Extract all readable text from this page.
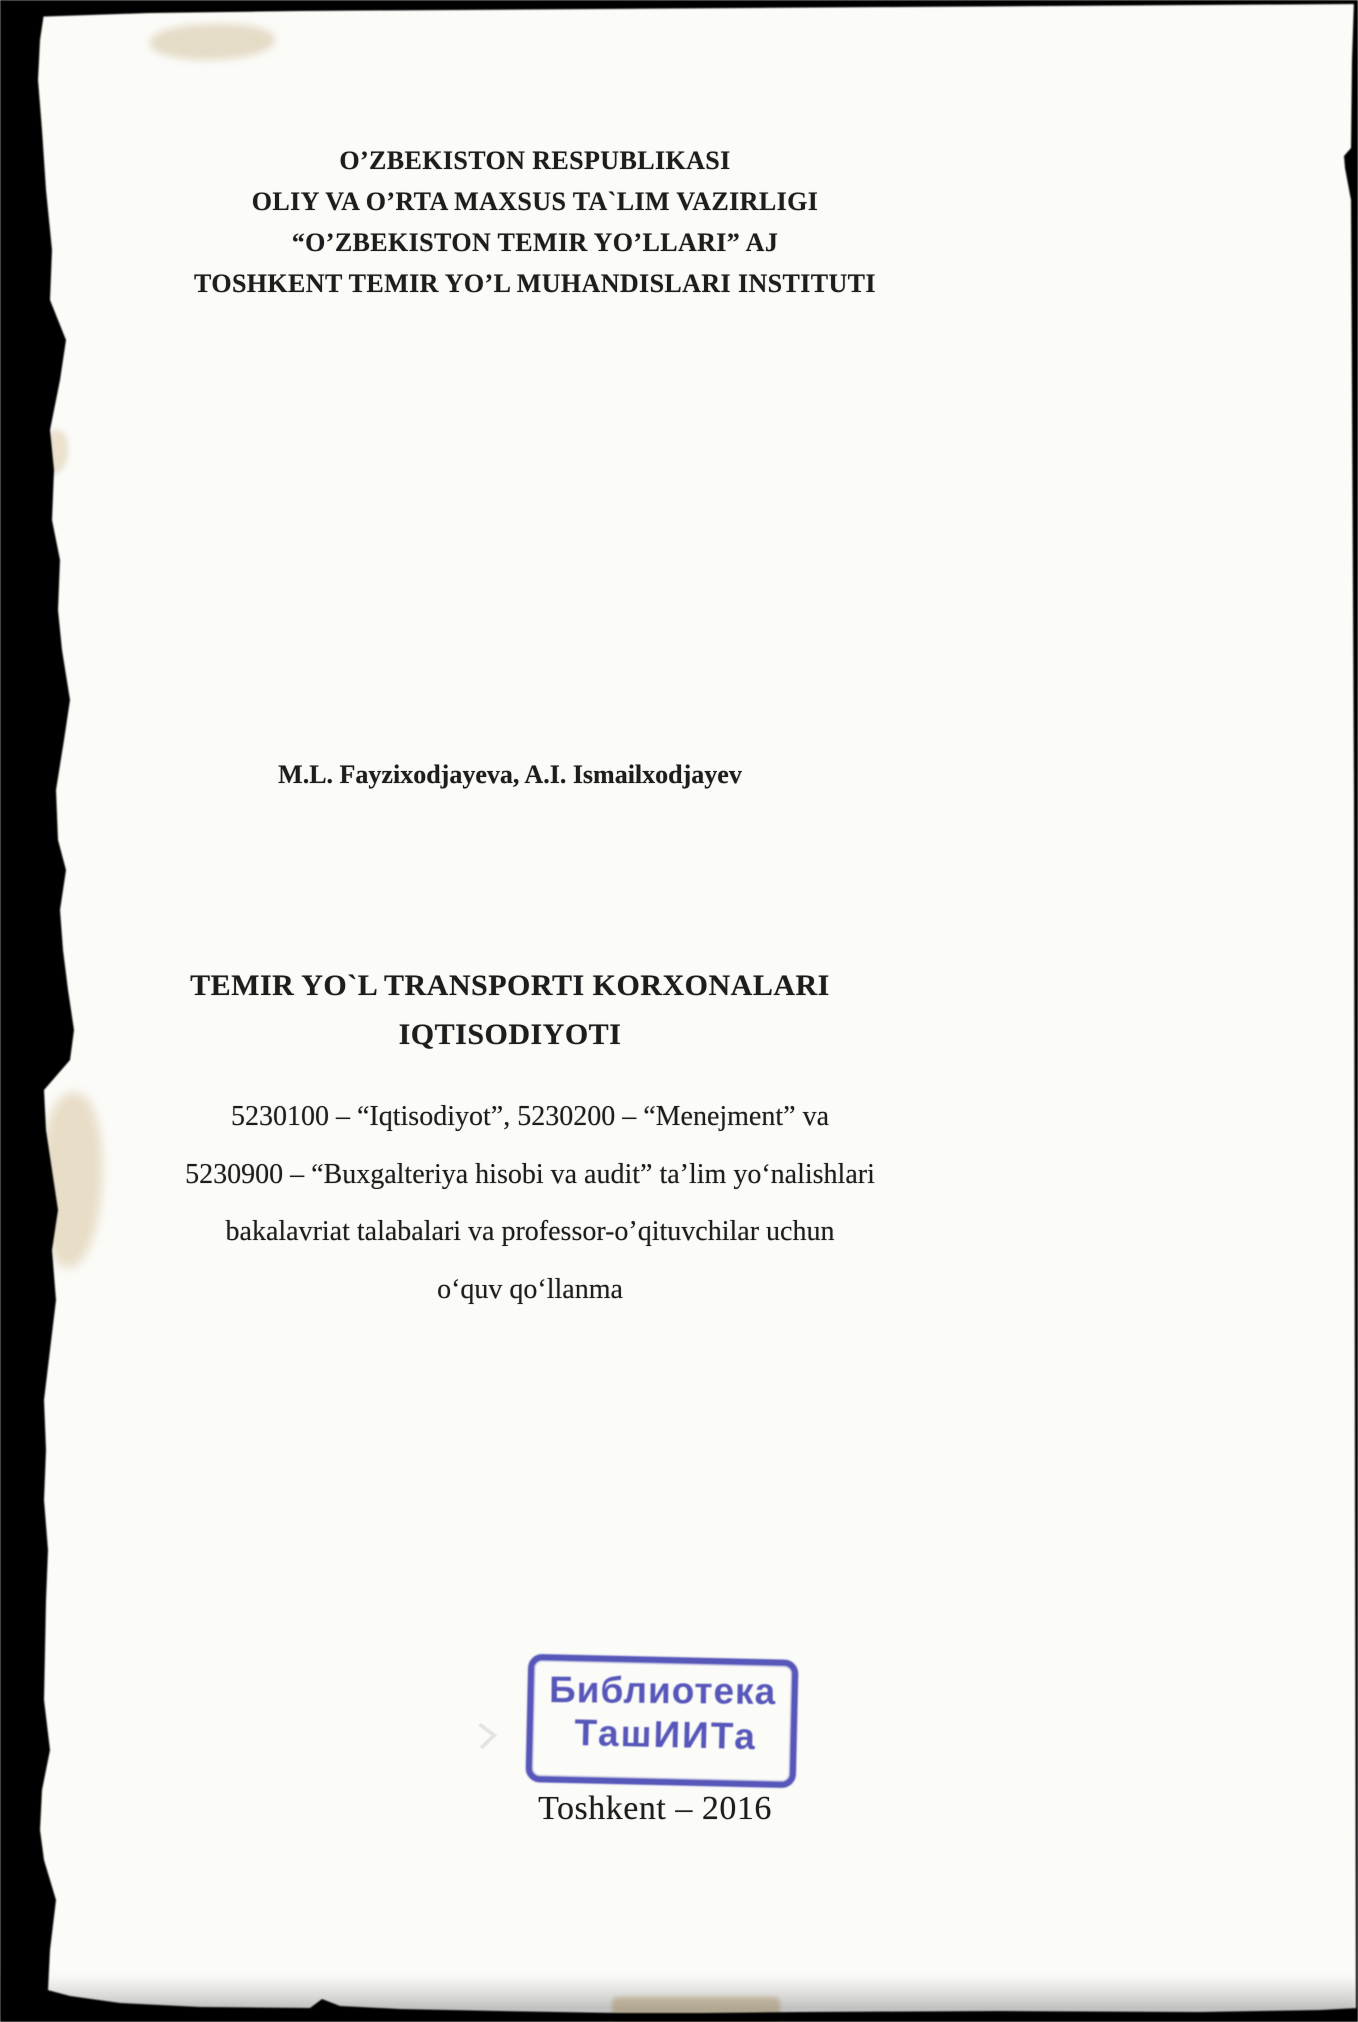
O’ZBEKISTON RESPUBLIKASI
OLIY VA O’RTA MAXSUS TA`LIM VAZIRLIGI
“O’ZBEKISTON TEMIR YO’LLARI” AJ
TOSHKENT TEMIR YO’L MUHANDISLARI INSTITUTI
M.L. Fayzixodjayeva, A.I. Ismailxodjayev
TEMIR YO`L TRANSPORTI KORXONALARI
IQTISODIYOTI
5230100 – “Iqtisodiyot”, 5230200 – “Menejment” va
5230900 – “Buxgalteriya hisobi va audit” ta’lim yo‘nalishlari
bakalavriat talabalari va professor-o’qituvchilar uchun
o‘quv qo‘llanma
Библиотека
ТашИИТа
Toshkent – 2016
